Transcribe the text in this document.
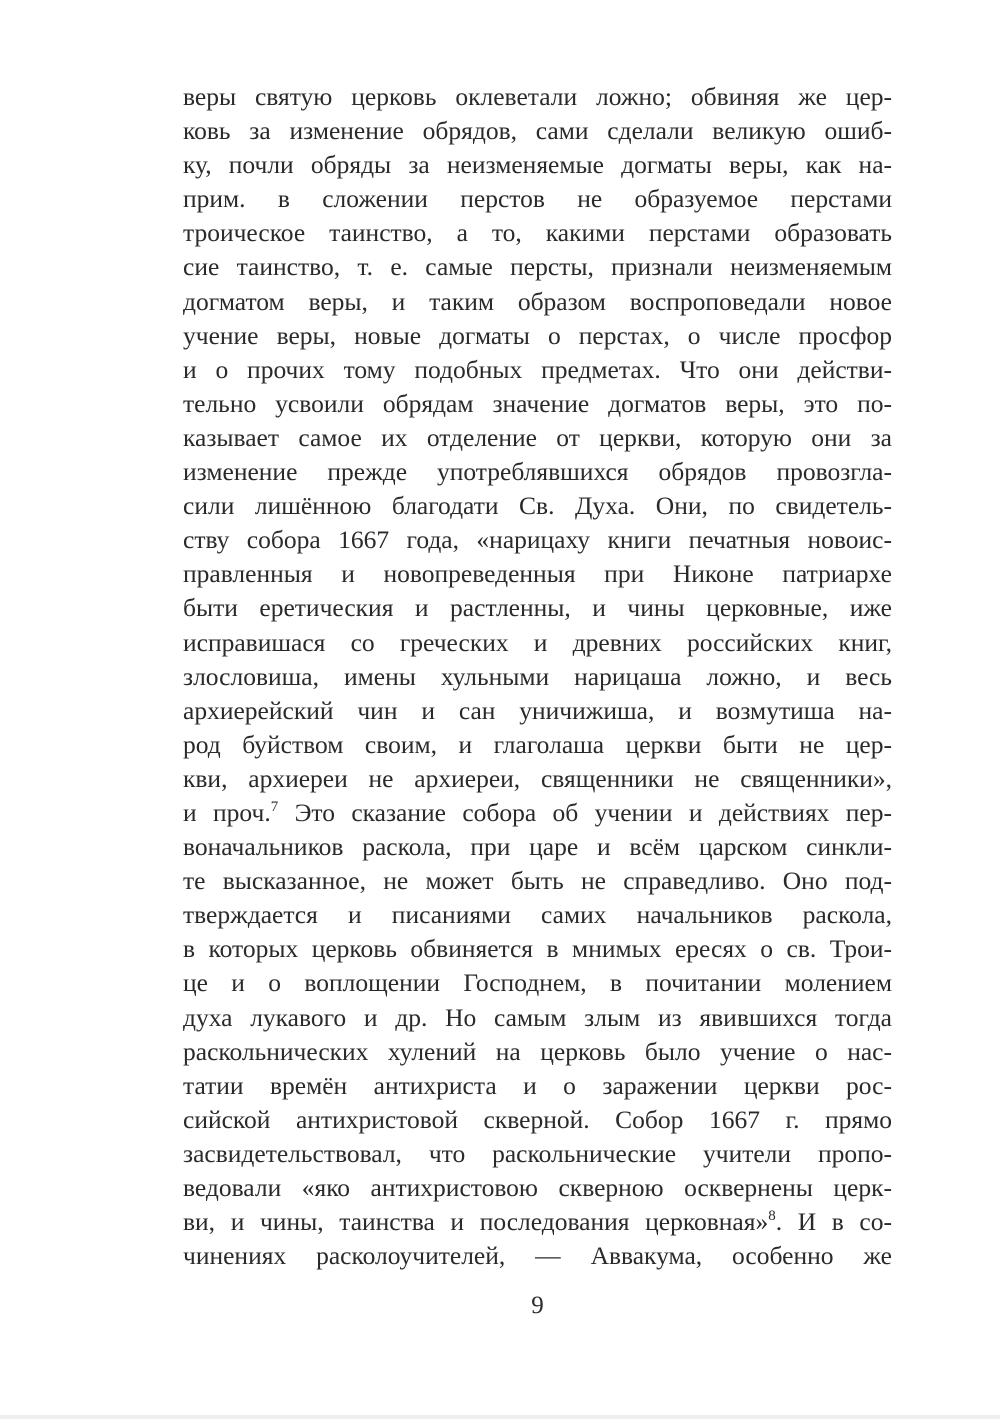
веры святую церковь оклеветали ложно; обвиняя же цер-
ковь за изменение обрядов, сами сделали великую ошиб-
ку, почли обряды за неизменяемые догматы веры, как на-
прим. в сложении перстов не образуемое перстами
троическое таинство, а то, какими перстами образовать
сие таинство, т. е. самые персты, признали неизменяемым
догматом веры, и таким образом воспроповедали новое
учение веры, новые догматы о перстах, о числе просфор
и о прочих тому подобных предметах. Что они действи-
тельно усвоили обрядам значение догматов веры, это по-
казывает самое их отделение от церкви, которую они за
изменение прежде употреблявшихся обрядов провозгла-
сили лишённою благодати Св. Духа. Они, по свидетель-
ству собора 1667 года, «нарицаху книги печатныя новоис-
правленныя и новопреведенныя при Никоне патриархе
быти еретическия и растленны, и чины церковные, иже
исправишася со греческих и древних российских книг,
злословиша, имены хульными нарицаша ложно, и весь
архиерейский чин и сан уничижиша, и возмутиша на-
род буйством своим, и глаголаша церкви быти не цер-
кви, архиереи не архиереи, священники не священники»,
и проч.$^7$ Это сказание собора об учении и действиях пер-
воначальников раскола, при царе и всём царском синкли-
те высказанное, не может быть не справедливо. Оно под-
тверждается и писаниями самих начальников раскола,
в которых церковь обвиняется в мнимых ересях о св. Трои-
це и о воплощении Господнем, в почитании молением
духа лукавого и др. Но самым злым из явившихся тогда
раскольнических хулений на церковь было учение о нас-
татии времён антихриста и о заражении церкви рос-
сийской антихристовой скверной. Собор 1667 г. прямо
засвидетельствовал, что раскольнические учители пропо-
ведовали «яко антихристовою скверною осквернены церк-
ви, и чины, таинства и последования церковная»$^8$. И в со-
чинениях расколоучителей, — Аввакума, особенно же
9
